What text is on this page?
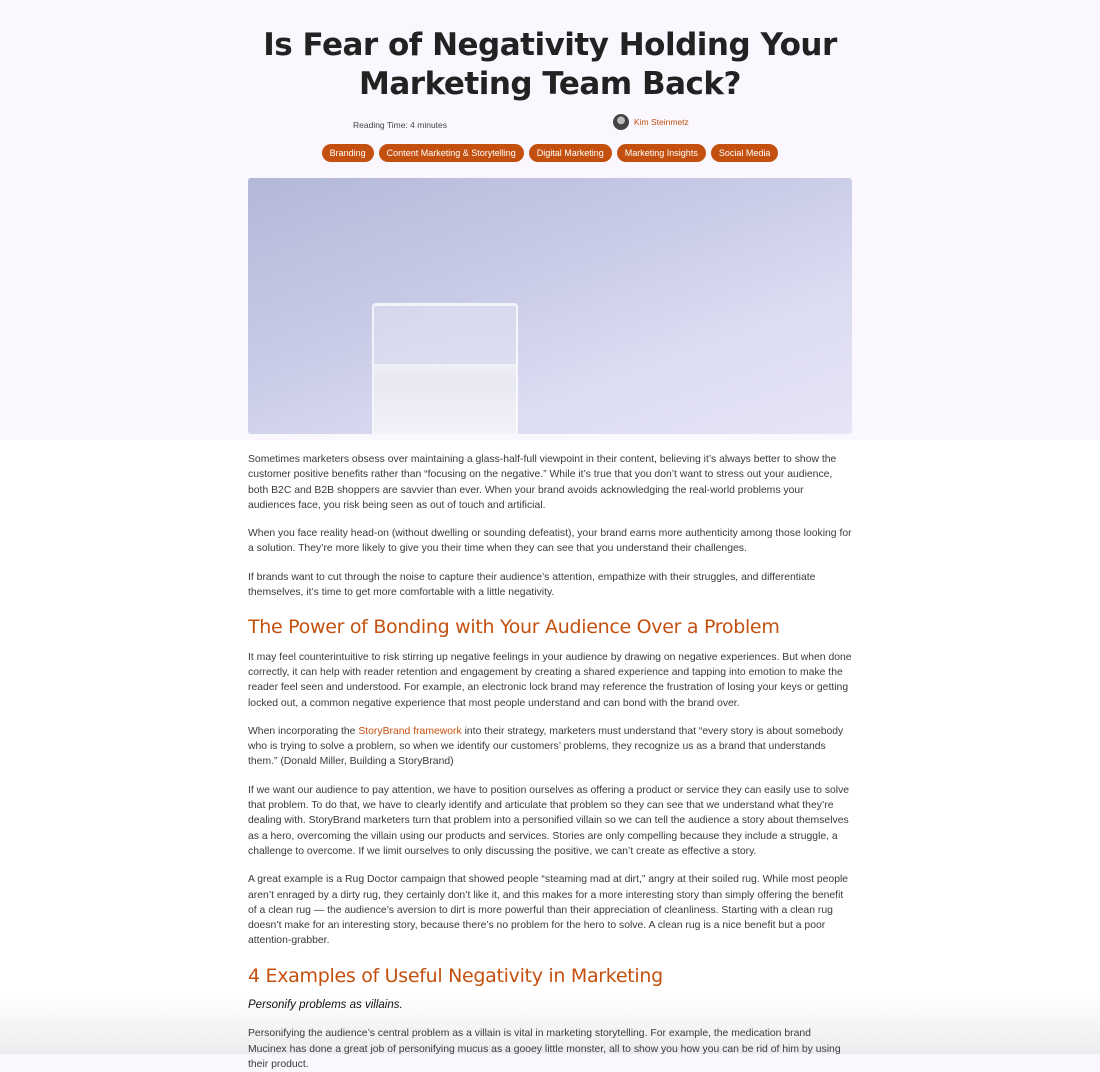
Is Fear of Negativity Holding Your Marketing Team Back?
Reading Time: 4 minutes	Kim Steinmetz
Branding	Content Marketing & Storytelling	Digital Marketing	Marketing Insights	Social Media

Sometimes marketers obsess over maintaining a glass-half-full viewpoint in their content, believing it’s always better to show the customer positive benefits rather than “focusing on the negative.” While it’s true that you don’t want to stress out your audience, both B2C and B2B shoppers are savvier than ever. When your brand avoids acknowledging the real-world problems your audiences face, you risk being seen as out of touch and artificial.

When you face reality head-on (without dwelling or sounding defeatist), your brand earns more authenticity among those looking for a solution. They’re more likely to give you their time when they can see that you understand their challenges.

If brands want to cut through the noise to capture their audience’s attention, empathize with their struggles, and differentiate themselves, it’s time to get more comfortable with a little negativity.

The Power of Bonding with Your Audience Over a Problem

It may feel counterintuitive to risk stirring up negative feelings in your audience by drawing on negative experiences. But when done correctly, it can help with reader retention and engagement by creating a shared experience and tapping into emotion to make the reader feel seen and understood. For example, an electronic lock brand may reference the frustration of losing your keys or getting locked out, a common negative experience that most people understand and can bond with the brand over.

When incorporating the StoryBrand framework into their strategy, marketers must understand that “every story is about somebody who is trying to solve a problem, so when we identify our customers’ problems, they recognize us as a brand that understands them.” (Donald Miller, Building a StoryBrand)

If we want our audience to pay attention, we have to position ourselves as offering a product or service they can easily use to solve that problem. To do that, we have to clearly identify and articulate that problem so they can see that we understand what they’re dealing with. StoryBrand marketers turn that problem into a personified villain so we can tell the audience a story about themselves as a hero, overcoming the villain using our products and services. Stories are only compelling because they include a struggle, a challenge to overcome. If we limit ourselves to only discussing the positive, we can’t create as effective a story.

A great example is a Rug Doctor campaign that showed people “steaming mad at dirt,” angry at their soiled rug. While most people aren’t enraged by a dirty rug, they certainly don’t like it, and this makes for a more interesting story than simply offering the benefit of a clean rug — the audience’s aversion to dirt is more powerful than their appreciation of cleanliness. Starting with a clean rug doesn’t make for an interesting story, because there’s no problem for the hero to solve. A clean rug is a nice benefit but a poor attention-grabber.

4 Examples of Useful Negativity in Marketing

Personify problems as villains.

Personifying the audience’s central problem as a villain is vital in marketing storytelling. For example, the medication brand Mucinex has done a great job of personifying mucus as a gooey little monster, all to show you how you can be rid of him by using their product.
